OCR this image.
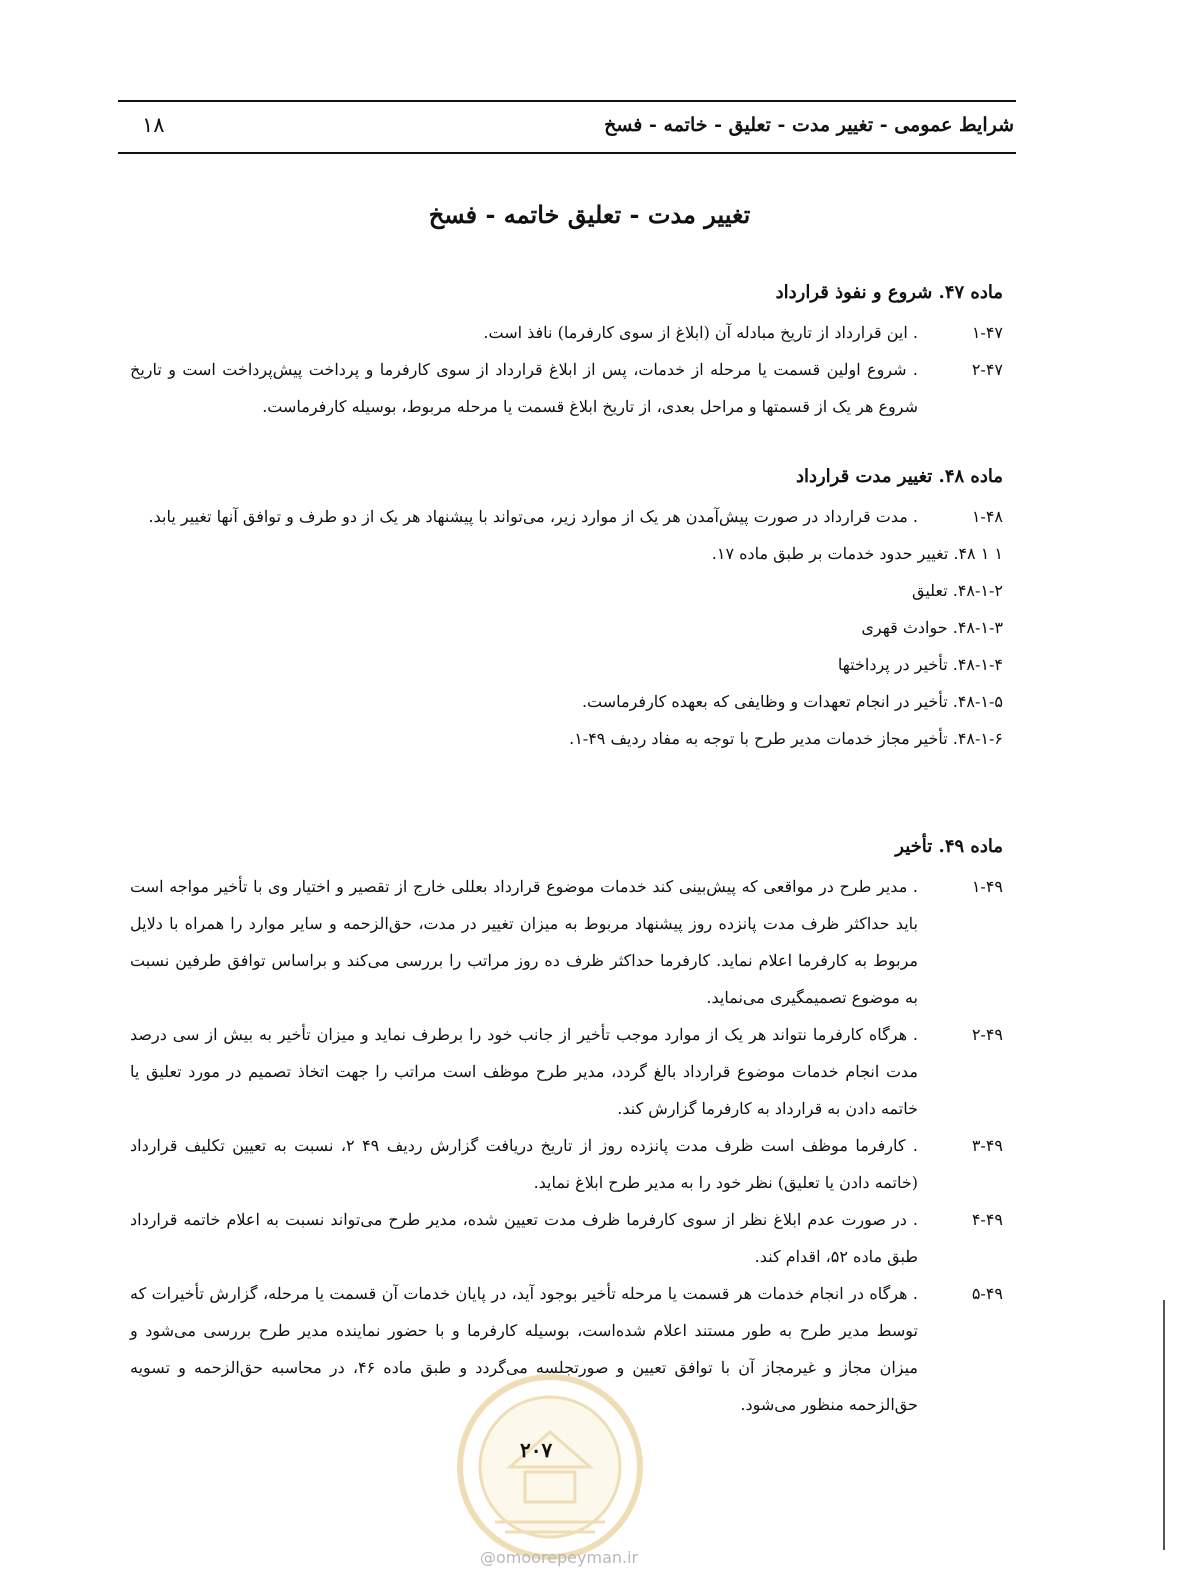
شرایط عمومی - تغییر مدت - تعلیق - خاتمه - فسخ
۱۸
تغییر مدت - تعلیق خاتمه - فسخ
ماده ۴۷. شروع و نفوذ قرارداد
۱-۴۷. این قرارداد از تاریخ مبادله آن (ابلاغ از سوی کارفرما) نافذ است.
۲-۴۷. شروع اولین قسمت یا مرحله از خدمات، پس از ابلاغ قرارداد از سوی کارفرما و پرداخت پیش‌پرداخت است و تاریخ شروع هر یک از قسمتها و مراحل بعدی، از تاریخ ابلاغ قسمت یا مرحله مربوط، بوسیله کارفرماست.
ماده ۴۸. تغییر مدت قرارداد
۱-۴۸. مدت قرارداد در صورت پیش‌آمدن هر یک از موارد زیر، می‌تواند با پیشنهاد هر یک از دو طرف و توافق آنها تغییر یابد.
۴۸ ۱ ۱. تغییر حدود خدمات بر طبق ماده ۱۷.
۴۸-۱-۲. تعلیق
۴۸-۱-۳. حوادث قهری
۴۸-۱-۴. تأخیر در پرداختها
۴۸-۱-۵. تأخیر در انجام تعهدات و وظایفی که بعهده کارفرماست.
۴۸-۱-۶. تأخیر مجاز خدمات مدیر طرح با توجه به مفاد ردیف ۴۹-۱.
ماده ۴۹. تأخیر
۱-۴۹. مدیر طرح در مواقعی که پیش‌بینی کند خدمات موضوع قرارداد بعللی خارج از تقصیر و اختیار وی با تأخیر مواجه است باید حداکثر ظرف مدت پانزده روز پیشنهاد مربوط به میزان تغییر در مدت، حق‌الزحمه و سایر موارد را همراه با دلایل مربوط به کارفرما اعلام نماید. کارفرما حداکثر ظرف ده روز مراتب را بررسی می‌کند و براساس توافق طرفین نسبت به موضوع تصمیمگیری می‌نماید.
۲-۴۹. هرگاه کارفرما نتواند هر یک از موارد موجب تأخیر از جانب خود را برطرف نماید و میزان تأخیر به بیش از سی درصد مدت انجام خدمات موضوع قرارداد بالغ گردد، مدیر طرح موظف است مراتب را جهت اتخاذ تصمیم در مورد تعلیق یا خاتمه دادن به قرارداد به کارفرما گزارش کند.
۳-۴۹. کارفرما موظف است ظرف مدت پانزده روز از تاریخ دریافت گزارش ردیف ۴۹ ۲، نسبت به تعیین تکلیف قرارداد (خاتمه دادن یا تعلیق) نظر خود را به مدیر طرح ابلاغ نماید.
۴-۴۹. در صورت عدم ابلاغ نظر از سوی کارفرما ظرف مدت تعیین شده، مدیر طرح می‌تواند نسبت به اعلام خاتمه قرارداد طبق ماده ۵۲، اقدام کند.
۵-۴۹. هرگاه در انجام خدمات هر قسمت یا مرحله تأخیر بوجود آید، در پایان خدمات آن قسمت یا مرحله، گزارش تأخیرات که توسط مدیر طرح به طور مستند اعلام شده‌است، بوسیله کارفرما و با حضور نماینده مدیر طرح بررسی می‌شود و میزان مجاز و غیرمجاز آن با توافق تعیین و صورتجلسه می‌گردد و طبق ماده ۴۶، در محاسبه حق‌الزحمه و تسویه حق‌الزحمه منظور می‌شود.
۲۰۷
@omoorepeyman.ir
